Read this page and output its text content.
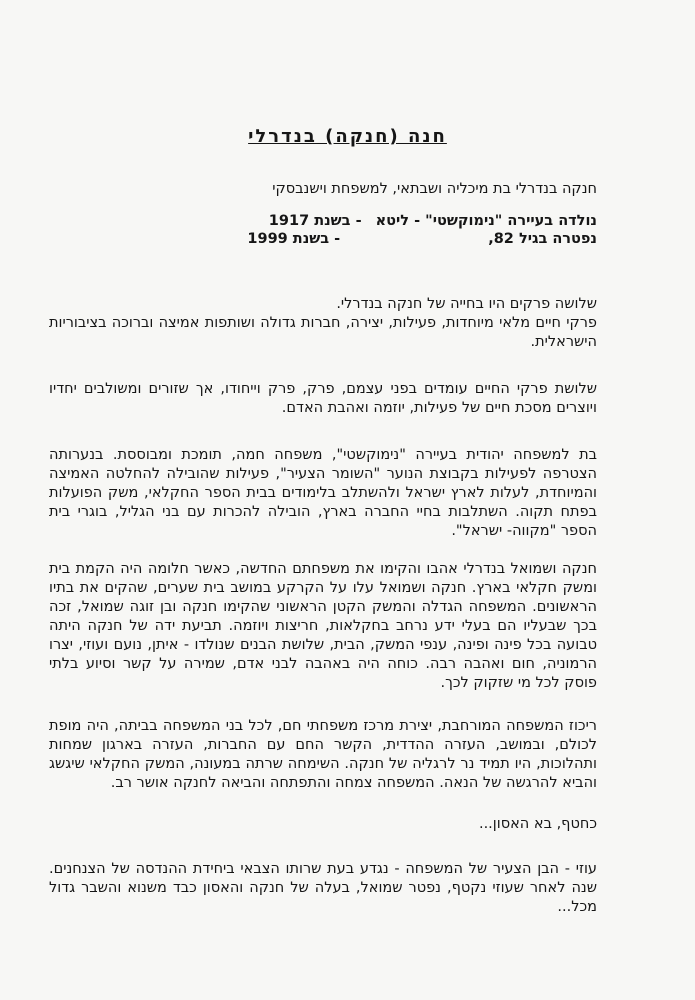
חנה (חנקה) בנדרלי

חנקה בנדרלי בת מיכליה ושבתאי, למשפחת וישנבסקי

נולדה בעיירה "נימוקשטי" - ליטא
- בשנת 1917

נפטרה בגיל 82,
- בשנת 1999

שלושה פרקים היו בחייה של חנקה בנדרלי.
פרקי חיים מלאי מיוחדות, פעילות, יצירה, חברות גדולה ושותפות אמיצה וברוכה בציבוריות הישראלית.

שלושת פרקי החיים עומדים בפני עצמם, פרק, פרק וייחודו, אך שזורים ומשולבים יחדיו ויוצרים מסכת חיים של פעילות, יוזמה ואהבת האדם.

בת למשפחה יהודית בעיירה "נימוקשטי", משפחה חמה, תומכת ומבוססת. בנערותה הצטרפה לפעילות בקבוצת הנוער "השומר הצעיר", פעילות שהובילה להחלטה האמיצה והמיוחדת, לעלות לארץ ישראל ולהשתלב בלימודים בבית הספר החקלאי, משק הפועלות בפתח תקוה. השתלבות בחיי החברה בארץ, הובילה להכרות עם בני הגליל, בוגרי בית הספר "מקווה- ישראל".

חנקה ושמואל בנדרלי אהבו והקימו את משפחתם החדשה, כאשר חלומה היה הקמת בית ומשק חקלאי בארץ. חנקה ושמואל עלו על הקרקע במושב בית שערים, שהקים את בתיו הראשונים. המשפחה הגדלה והמשק הקטן הראשוני שהקימו חנקה ובן זוגה שמואל, זכה בכך שבעליו הם בעלי ידע נרחב בחקלאות, חריצות ויוזמה. תביעת ידה של חנקה היתה טבועה בכל פינה ופינה, ענפי המשק, הבית, שלושת הבנים שנולדו - איתן, נועם ועוזי, יצרו הרמוניה, חום ואהבה רבה. כוחה היה באהבה לבני אדם, שמירה על קשר וסיוע בלתי פוסק לכל מי שזקוק לכך.

ריכוז המשפחה המורחבת, יצירת מרכז משפחתי חם, לכל בני המשפחה בביתה, היה מופת לכולם, ובמושב, העזרה ההדדית, הקשר החם עם החברות, העזרה בארגון שמחות ותהלוכות, היו תמיד נר לרגליה של חנקה. השימחה שרתה במעונה, המשק החקלאי שיגשג והביא להרגשה של הנאה. המשפחה צמחה והתפתחה והביאה לחנקה אושר רב.

כחטף, בא האסון...

עוזי - הבן הצעיר של המשפחה - נגדע בעת שרותו הצבאי ביחידת ההנדסה של הצנחנים. שנה לאחר שעוזי נקטף, נפטר שמואל, בעלה של חנקה והאסון כבד משנוא והשבר גדול מכל...
